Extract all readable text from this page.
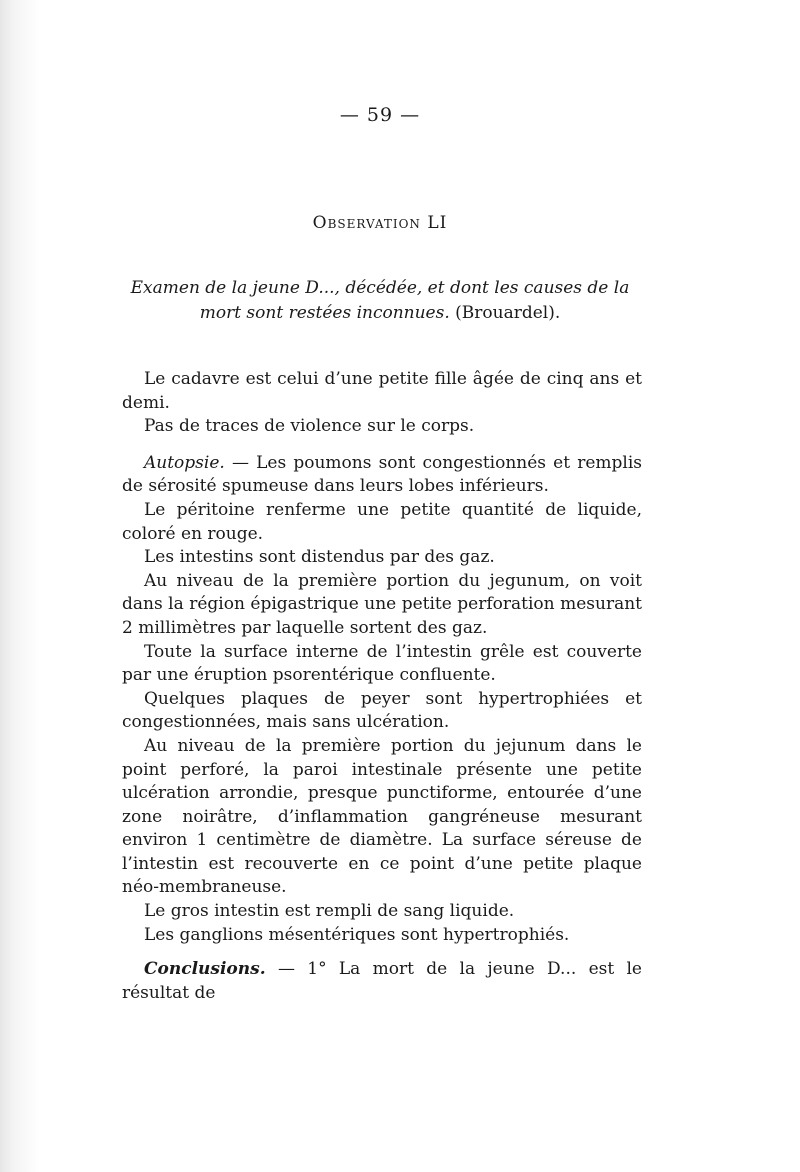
— 59 —
Observation LI
Examen de la jeune D..., décédée, et dont les causes de la mort sont restées inconnues. (Brouardel).

Le cadavre est celui d’une petite fille âgée de cinq ans et demi.

Pas de traces de violence sur le corps.

Autopsie. — Les poumons sont congestionnés et remplis de sérosité spumeuse dans leurs lobes inférieurs.

Le péritoine renferme une petite quantité de liquide, coloré en rouge.

Les intestins sont distendus par des gaz.

Au niveau de la première portion du jegunum, on voit dans la région épigastrique une petite perforation mesurant 2 millimètres par laquelle sortent des gaz.

Toute la surface interne de l’intestin grêle est couverte par une éruption psorentérique confluente.

Quelques plaques de peyer sont hypertrophiées et congestionnées, mais sans ulcération.

Au niveau de la première portion du jejunum dans le point perforé, la paroi intestinale présente une petite ulcération arrondie, presque punctiforme, entourée d’une zone noirâtre, d’inflammation gangréneuse mesurant environ 1 centimètre de diamètre. La surface séreuse de l’intestin est recouverte en ce point d’une petite plaque néo-membraneuse.

Le gros intestin est rempli de sang liquide.

Les ganglions mésentériques sont hypertrophiés.

Conclusions. — 1° La mort de la jeune D... est le résultat de
